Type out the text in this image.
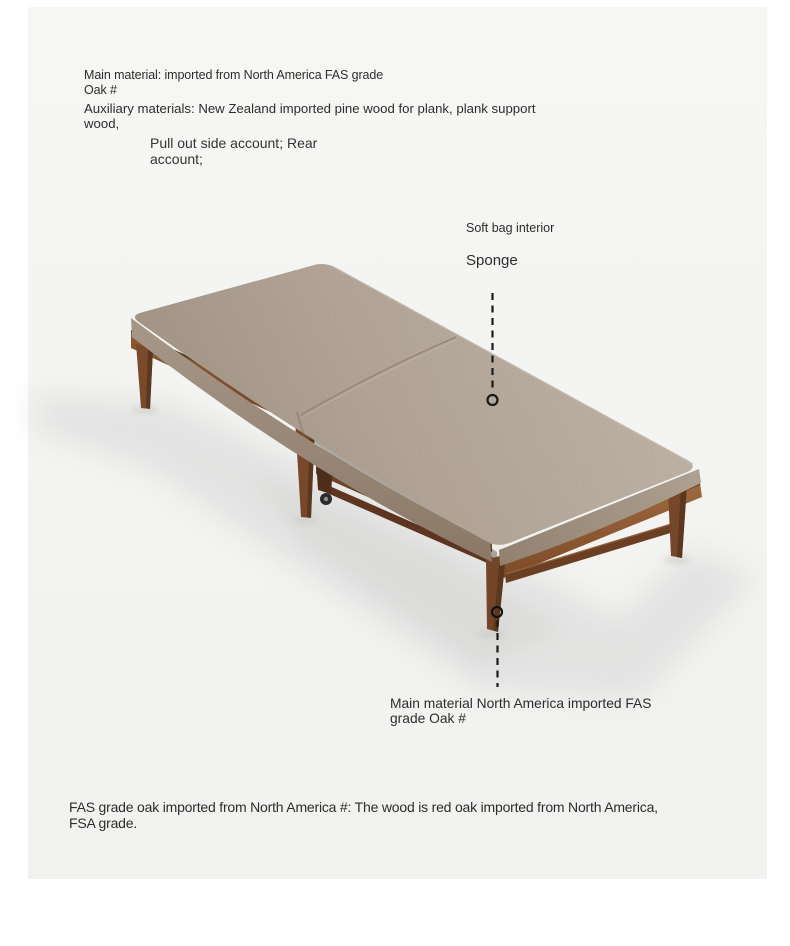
Main material: imported from North America FAS grade
Oak #
Auxiliary materials: New Zealand imported pine wood for plank, plank support
wood,
Pull out side account; Rear
account;
Soft bag interior
Sponge
Main material North America imported FAS
grade Oak #
FAS grade oak imported from North America #: The wood is red oak imported from North America,
FSA grade.
